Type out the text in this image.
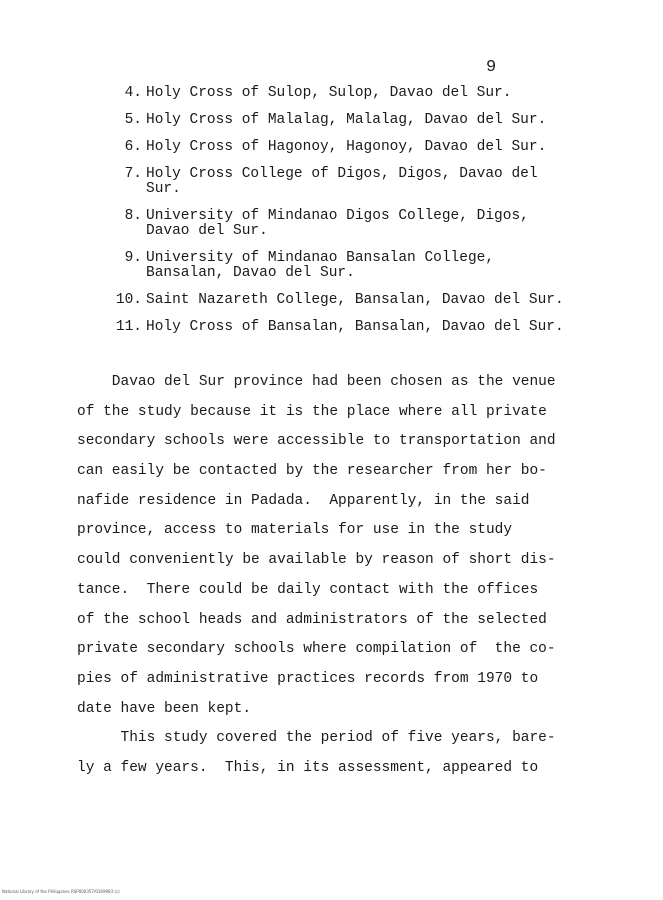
9
4. Holy Cross of Sulop, Sulop, Davao del Sur.
5. Holy Cross of Malalag, Malalag, Davao del Sur.
6. Holy Cross of Hagonoy, Hagonoy, Davao del Sur.
7. Holy Cross College of Digos, Digos, Davao del
Sur.
8. University of Mindanao Digos College, Digos,
Davao del Sur.
9. University of Mindanao Bansalan College,
Bansalan, Davao del Sur.
10. Saint Nazareth College, Bansalan, Davao del Sur.
11. Holy Cross of Bansalan, Bansalan, Davao del Sur.
Davao del Sur province had been chosen as the venue
of the study because it is the place where all private
secondary schools were accessible to transportation and
can easily be contacted by the researcher from her bo-
nafide residence in Padada.  Apparently, in the said
province, access to materials for use in the study
could conveniently be available by reason of short dis-
tance.  There could be daily contact with the offices
of the school heads and administrators of the selected
private secondary schools where compilation of  the co-
pies of administrative practices records from 1970 to
date have been kept.
This study covered the period of five years, bare-
ly a few years.  This, in its assessment, appeared to
National Library of the Philippines RSP000357/0169983 (c)
